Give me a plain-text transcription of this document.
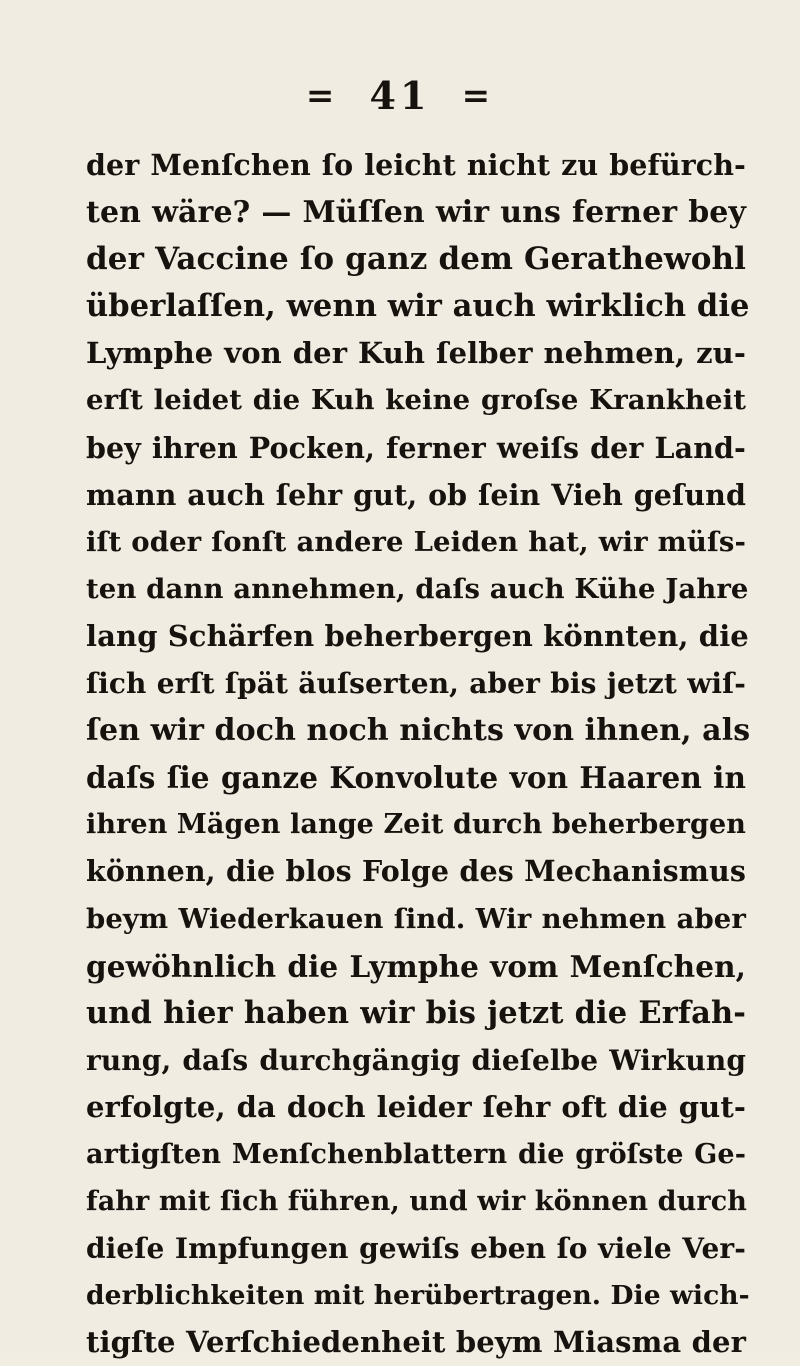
= 41 =
der Menſchen ſo leicht nicht zu befürch-
ten wäre? — Müſſen wir uns ferner bey
der Vaccine ſo ganz dem Gerathewohl
überlaſſen, wenn wir auch wirklich die
Lymphe von der Kuh ſelber nehmen, zu-
erſt leidet die Kuh keine groſse Krankheit
bey ihren Pocken, ferner weiſs der Land-
mann auch ſehr gut, ob ſein Vieh geſund
iſt oder ſonſt andere Leiden hat, wir müſs-
ten dann annehmen, daſs auch Kühe Jahre
lang Schärfen beherbergen könnten, die
ſich erſt ſpät äuſserten, aber bis jetzt wiſ-
ſen wir doch noch nichts von ihnen, als
daſs ſie ganze Konvolute von Haaren in
ihren Mägen lange Zeit durch beherbergen
können, die blos Folge des Mechanismus
beym Wiederkauen ſind. Wir nehmen aber
gewöhnlich die Lymphe vom Menſchen,
und hier haben wir bis jetzt die Erfah-
rung, daſs durchgängig dieſelbe Wirkung
erfolgte, da doch leider ſehr oft die gut-
artigſten Menſchenblattern die gröſste Ge-
fahr mit ſich führen, und wir können durch
dieſe Impfungen gewiſs eben ſo viele Ver-
derblichkeiten mit herübertragen. Die wich-
tigſte Verſchiedenheit beym Miasma der
